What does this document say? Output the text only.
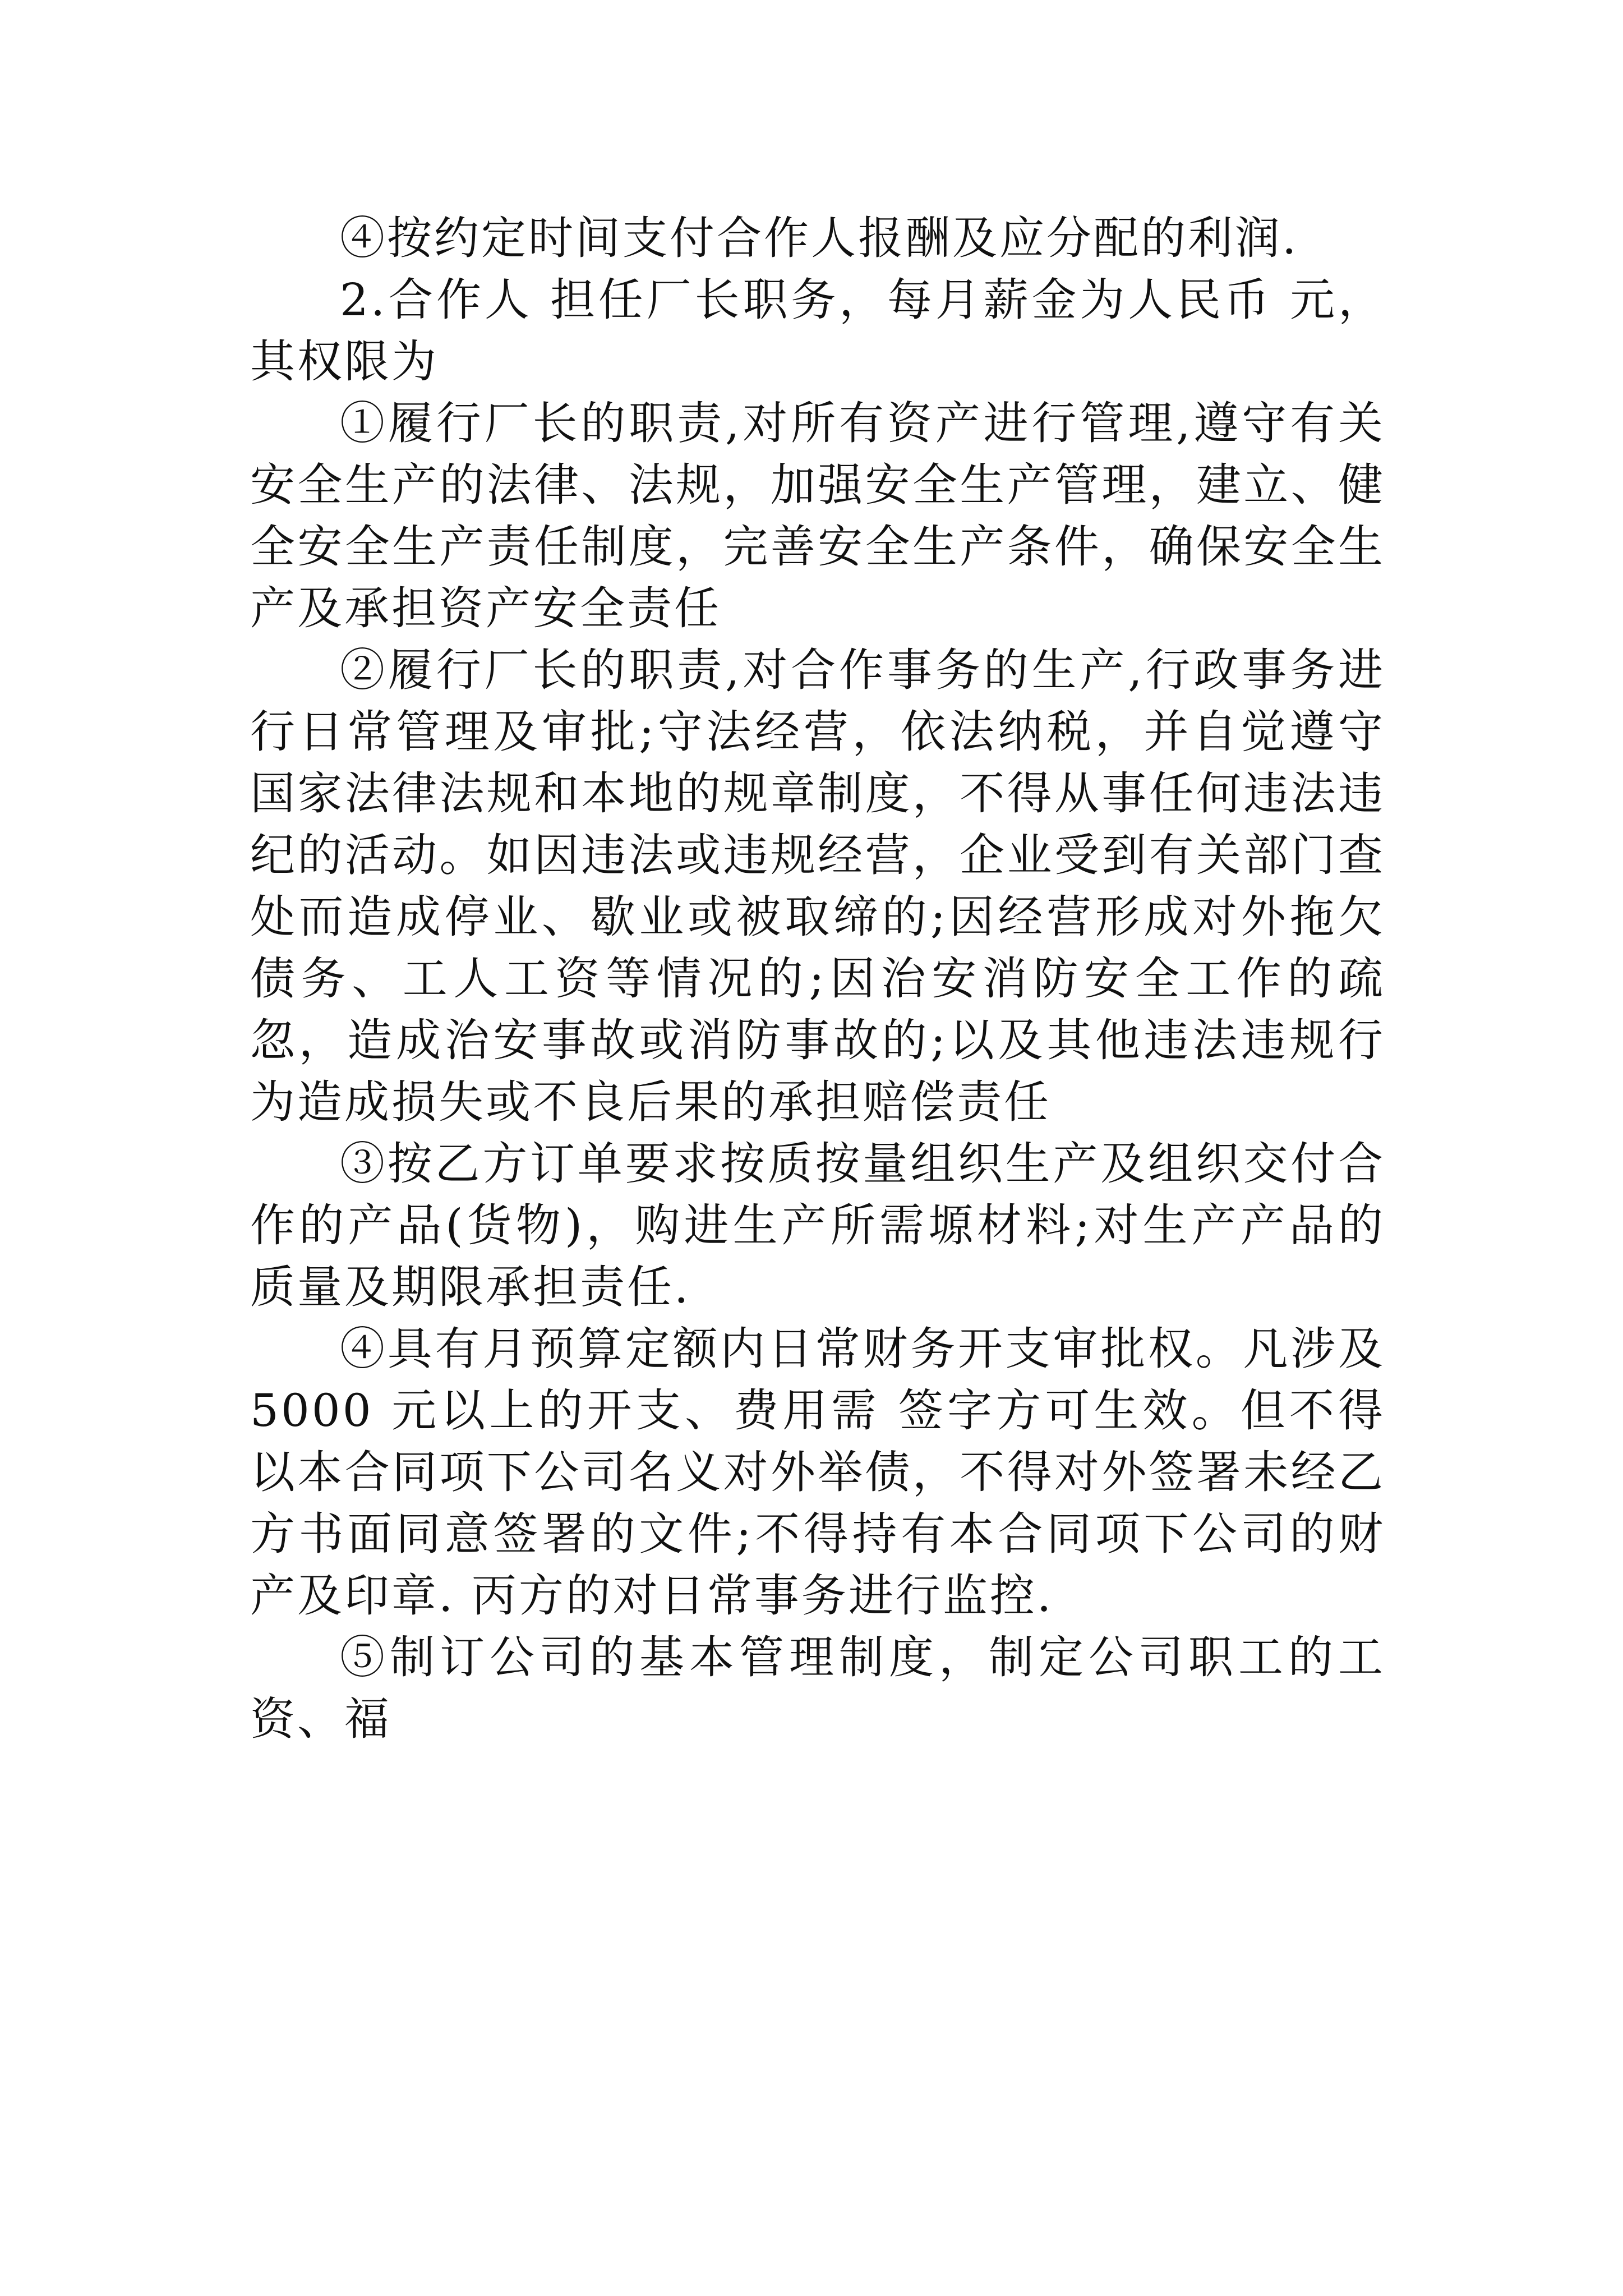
④按约定时间支付合作人报酬及应分配的利润.

2.合作人 担任厂长职务，每月薪金为人民币 元，其权限为

①履行厂长的职责,对所有资产进行管理,遵守有关安全生产的法律、法规，加强安全生产管理，建立、健全安全生产责任制度，完善安全生产条件，确保安全生产及承担资产安全责任

②履行厂长的职责,对合作事务的生产,行政事务进行日常管理及审批;守法经营，依法纳税，并自觉遵守国家法律法规和本地的规章制度，不得从事任何违法违纪的活动。如因违法或违规经营，企业受到有关部门查处而造成停业、歇业或被取缔的;因经营形成对外拖欠债务、工人工资等情况的;因治安消防安全工作的疏忽，造成治安事故或消防事故的;以及其他违法违规行为造成损失或不良后果的承担赔偿责任

③按乙方订单要求按质按量组织生产及组织交付合作的产品(货物)，购进生产所需塬材料;对生产产品的质量及期限承担责任.

④具有月预算定额内日常财务开支审批权。凡涉及 5000 元以上的开支、费用需 签字方可生效。但不得以本合同项下公司名义对外举债，不得对外签署未经乙方书面同意签署的文件;不得持有本合同项下公司的财产及印章. 丙方的对日常事务进行监控.

⑤制订公司的基本管理制度，制定公司职工的工资、福
